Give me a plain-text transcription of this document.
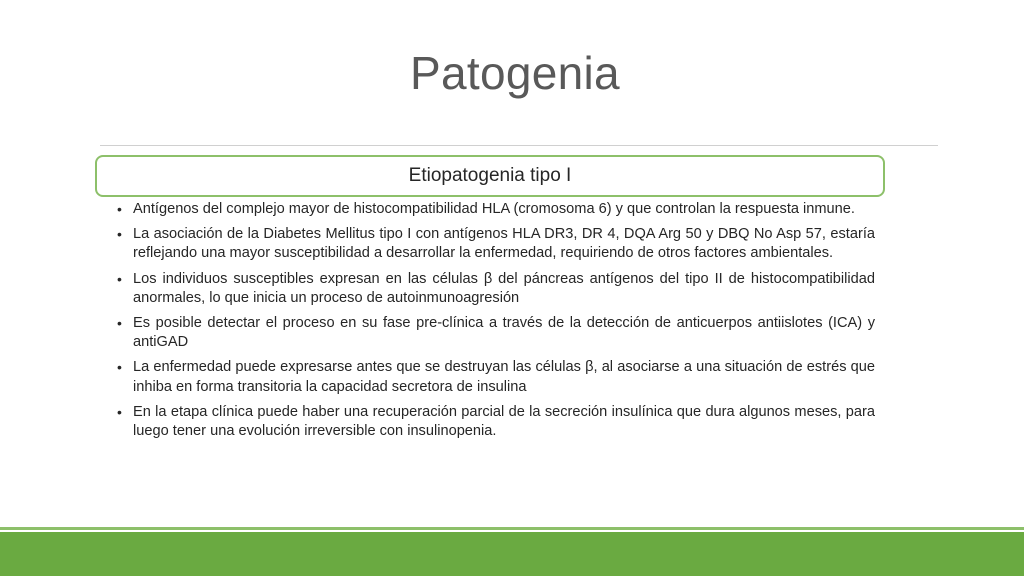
Patogenia
Etiopatogenia tipo I
• Antígenos del complejo mayor de histocompatibilidad HLA (cromosoma 6) y que controlan la respuesta inmune.
• La asociación de la Diabetes Mellitus tipo I con antígenos HLA DR3, DR 4, DQA Arg 50 y DBQ No Asp 57, estaría reflejando una mayor susceptibilidad a desarrollar la enfermedad, requiriendo de otros factores ambientales.
• Los individuos susceptibles expresan en las células β del páncreas antígenos del tipo II de histocompatibilidad anormales, lo que inicia un proceso de autoinmunoagresión
• Es posible detectar el proceso en su fase pre-clínica a través de la detección de anticuerpos antiislotes (ICA) y antiGAD
• La enfermedad puede expresarse antes que se destruyan las células β, al asociarse a una situación de estrés que inhiba en forma transitoria la capacidad secretora de insulina
• En la etapa clínica puede haber una recuperación parcial de la secreción insulínica que dura algunos meses, para luego tener una evolución irreversible con insulinopenia.
